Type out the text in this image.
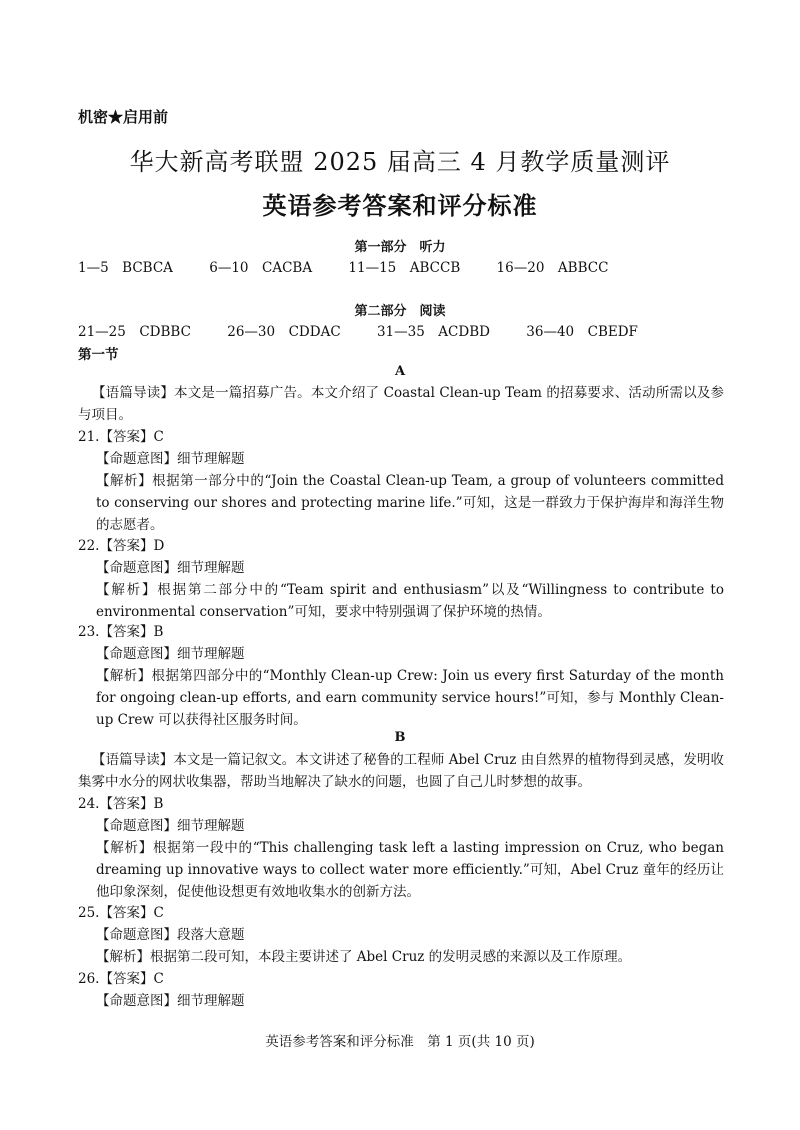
机密★启用前
华大新高考联盟 2025 届高三 4 月教学质量测评
英语参考答案和评分标准
第一部分　听力
1—5　BCBCA	6—10　CACBA	11—15　ABCCB	16—20　ABBCC
第二部分　阅读
21—25　CDBBC	26—30　CDDAC	31—35　ACDBD	36—40　CBEDF
第一节
A
【语篇导读】本文是一篇招募广告。本文介绍了 Coastal Clean-up Team 的招募要求、活动所需以及参与项目。
21.【答案】C
【命题意图】细节理解题
【解析】根据第一部分中的“Join the Coastal Clean-up Team, a group of volunteers committed to conserving our shores and protecting marine life.”可知，这是一群致力于保护海岸和海洋生物的志愿者。
22.【答案】D
【命题意图】细节理解题
【解析】根据第二部分中的“Team spirit and enthusiasm”以及“Willingness to contribute to environmental conservation”可知，要求中特别强调了保护环境的热情。
23.【答案】B
【命题意图】细节理解题
【解析】根据第四部分中的“Monthly Clean-up Crew: Join us every first Saturday of the month for ongoing clean-up efforts, and earn community service hours!”可知，参与 Monthly Clean-up Crew 可以获得社区服务时间。
B
【语篇导读】本文是一篇记叙文。本文讲述了秘鲁的工程师 Abel Cruz 由自然界的植物得到灵感，发明收集雾中水分的网状收集器，帮助当地解决了缺水的问题，也圆了自己儿时梦想的故事。
24.【答案】B
【命题意图】细节理解题
【解析】根据第一段中的“This challenging task left a lasting impression on Cruz, who began dreaming up innovative ways to collect water more efficiently.”可知，Abel Cruz 童年的经历让他印象深刻，促使他设想更有效地收集水的创新方法。
25.【答案】C
【命题意图】段落大意题
【解析】根据第二段可知，本段主要讲述了 Abel Cruz 的发明灵感的来源以及工作原理。
26.【答案】C
【命题意图】细节理解题
英语参考答案和评分标准　第 1 页(共 10 页)
